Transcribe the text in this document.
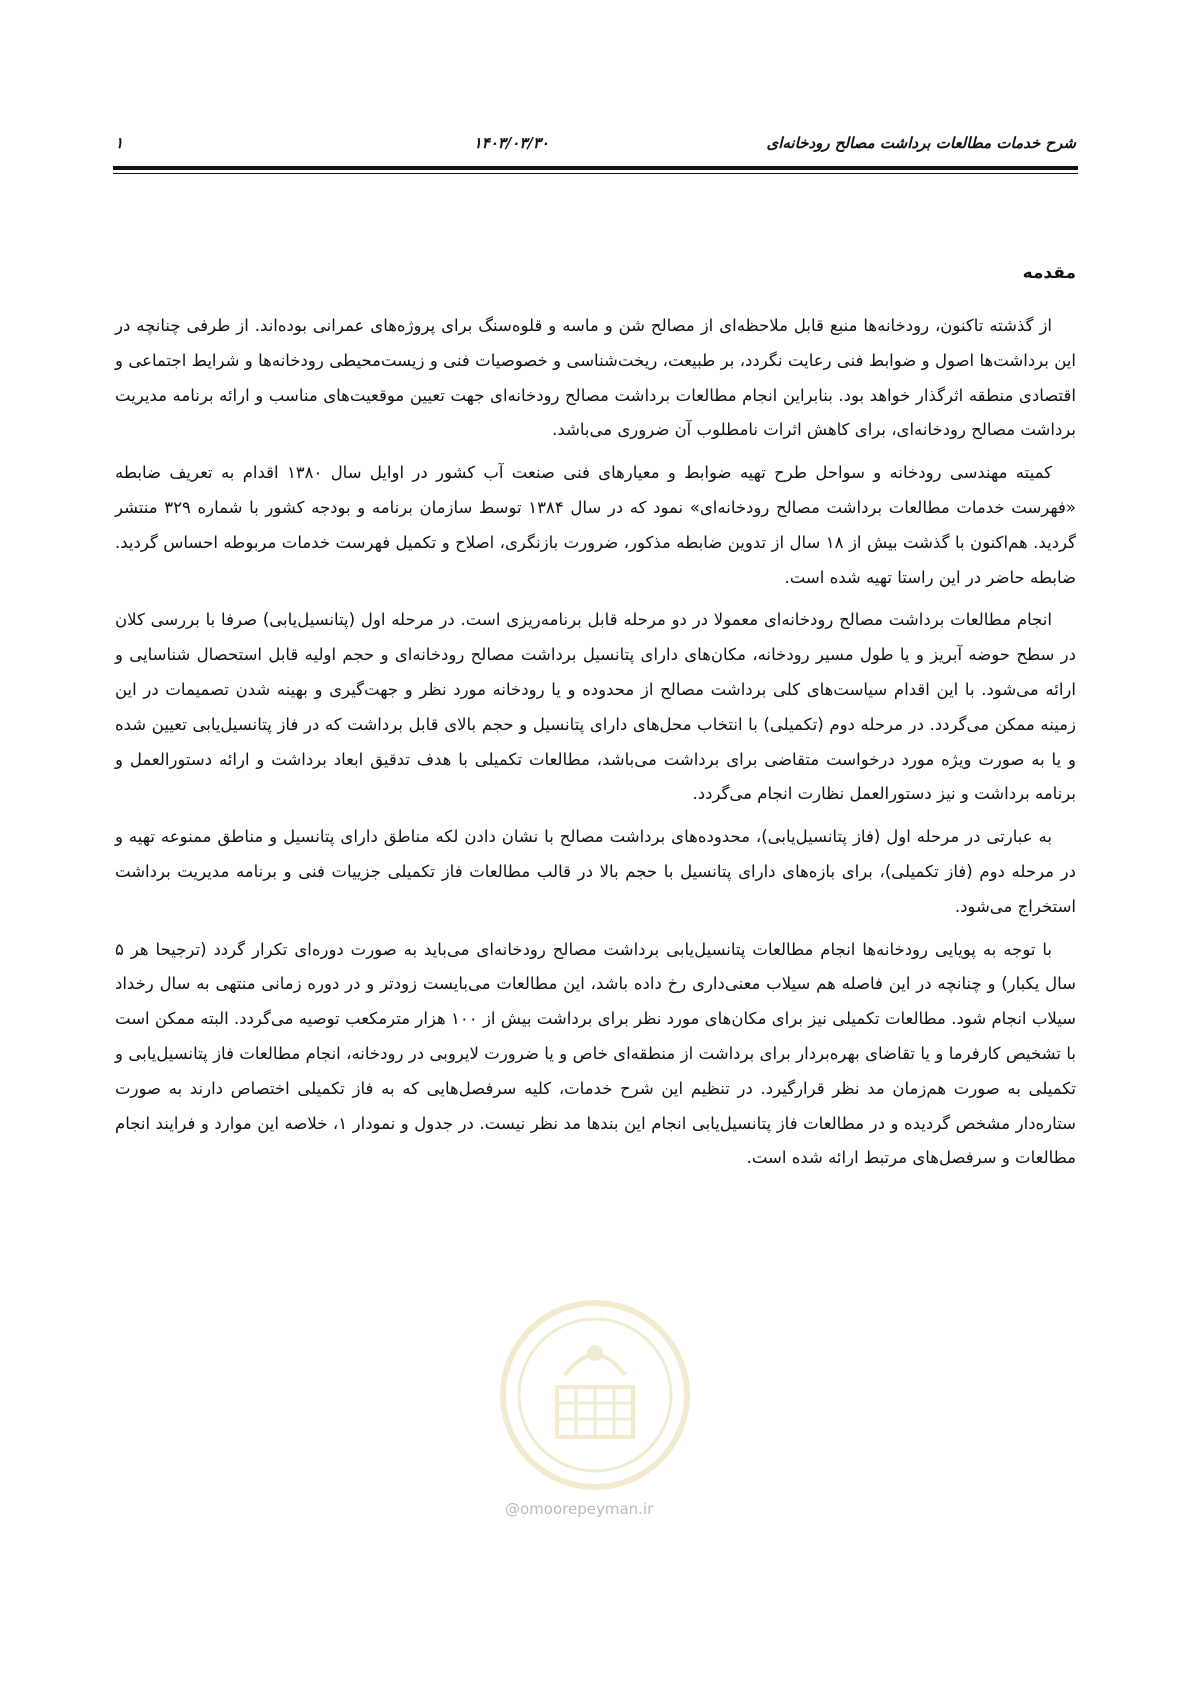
شرح خدمات مطالعات برداشت مصالح رودخانه‌ای
۱۴۰۳/۰۳/۳۰
۱
مقدمه

از گذشته تاکنون، رودخانه‌ها منبع قابل ملاحظه‌ای از مصالح شن و ماسه و قلوه‌سنگ برای پروژه‌های عمرانی بوده‌اند. از طرفی چنانچه در این برداشت‌ها اصول و ضوابط فنی رعایت نگردد، بر طبیعت، ریخت‌شناسی و خصوصیات فنی و زیست‌محیطی رودخانه‌ها و شرایط اجتماعی و اقتصادی منطقه اثرگذار خواهد بود. بنابراین انجام مطالعات برداشت مصالح رودخانه‌ای جهت تعیین موقعیت‌های مناسب و ارائه برنامه مدیریت برداشت مصالح رودخانه‌ای، برای کاهش اثرات نامطلوب آن ضروری می‌باشد.

کمیته مهندسی رودخانه و سواحل طرح تهیه ضوابط و معیارهای فنی صنعت آب کشور در اوایل سال ۱۳۸۰ اقدام به تعریف ضابطه «فهرست خدمات مطالعات برداشت مصالح رودخانه‌ای» نمود که در سال ۱۳۸۴ توسط سازمان برنامه و بودجه کشور با شماره ۳۲۹ منتشر گردید. هم‌اکنون با گذشت بیش از ۱۸ سال از تدوین ضابطه مذکور، ضرورت بازنگری، اصلاح و تکمیل فهرست خدمات مربوطه احساس گردید. ضابطه حاضر در این راستا تهیه شده است.

انجام مطالعات برداشت مصالح رودخانه‌ای معمولا در دو مرحله قابل برنامه‌ریزی است. در مرحله اول (پتانسیل‌یابی) صرفا با بررسی کلان در سطح حوضه آبریز و یا طول مسیر رودخانه، مکان‌های دارای پتانسیل برداشت مصالح رودخانه‌ای و حجم اولیه قابل استحصال شناسایی و ارائه می‌شود. با این اقدام سیاست‌های کلی برداشت مصالح از محدوده و یا رودخانه مورد نظر و جهت‌گیری و بهینه شدن تصمیمات در این زمینه ممکن می‌گردد. در مرحله دوم (تکمیلی) با انتخاب محل‌های دارای پتانسیل و حجم بالای قابل برداشت که در فاز پتانسیل‌یابی تعیین شده و یا به صورت ویژه مورد درخواست متقاضی برای برداشت می‌باشد، مطالعات تکمیلی با هدف تدقیق ابعاد برداشت و ارائه دستورالعمل و برنامه برداشت و نیز دستورالعمل نظارت انجام می‌گردد.

به عبارتی در مرحله اول (فاز پتانسیل‌یابی)، محدوده‌های برداشت مصالح با نشان دادن لکه مناطق دارای پتانسیل و مناطق ممنوعه تهیه و در مرحله دوم (فاز تکمیلی)، برای بازه‌های دارای پتانسیل با حجم بالا در قالب مطالعات فاز تکمیلی جزییات فنی و برنامه مدیریت برداشت استخراج می‌شود.

با توجه به پویایی رودخانه‌ها انجام مطالعات پتانسیل‌یابی برداشت مصالح رودخانه‌ای می‌باید به صورت دوره‌ای تکرار گردد (ترجیحا هر ۵ سال یکبار) و چنانچه در این فاصله هم سیلاب معنی‌داری رخ داده باشد، این مطالعات می‌بایست زودتر و در دوره زمانی منتهی به سال رخداد سیلاب انجام شود. مطالعات تکمیلی نیز برای مکان‌های مورد نظر برای برداشت بیش از ۱۰۰ هزار مترمکعب توصیه می‌گردد. البته ممکن است با تشخیص کارفرما و یا تقاضای بهره‌بردار برای برداشت از منطقه‌ای خاص و یا ضرورت لایروبی در رودخانه، انجام مطالعات فاز پتانسیل‌یابی و تکمیلی به صورت هم‌زمان مد نظر قرارگیرد. در تنظیم این شرح خدمات، کلیه سرفصل‌هایی که به فاز تکمیلی اختصاص دارند به صورت ستاره‌دار مشخص گردیده و در مطالعات فاز پتانسیل‌یابی انجام این بندها مد نظر نیست. در جدول و نمودار ۱، خلاصه این موارد و فرایند انجام مطالعات و سرفصل‌های مرتبط ارائه شده است.

@omoorepeyman.ir
